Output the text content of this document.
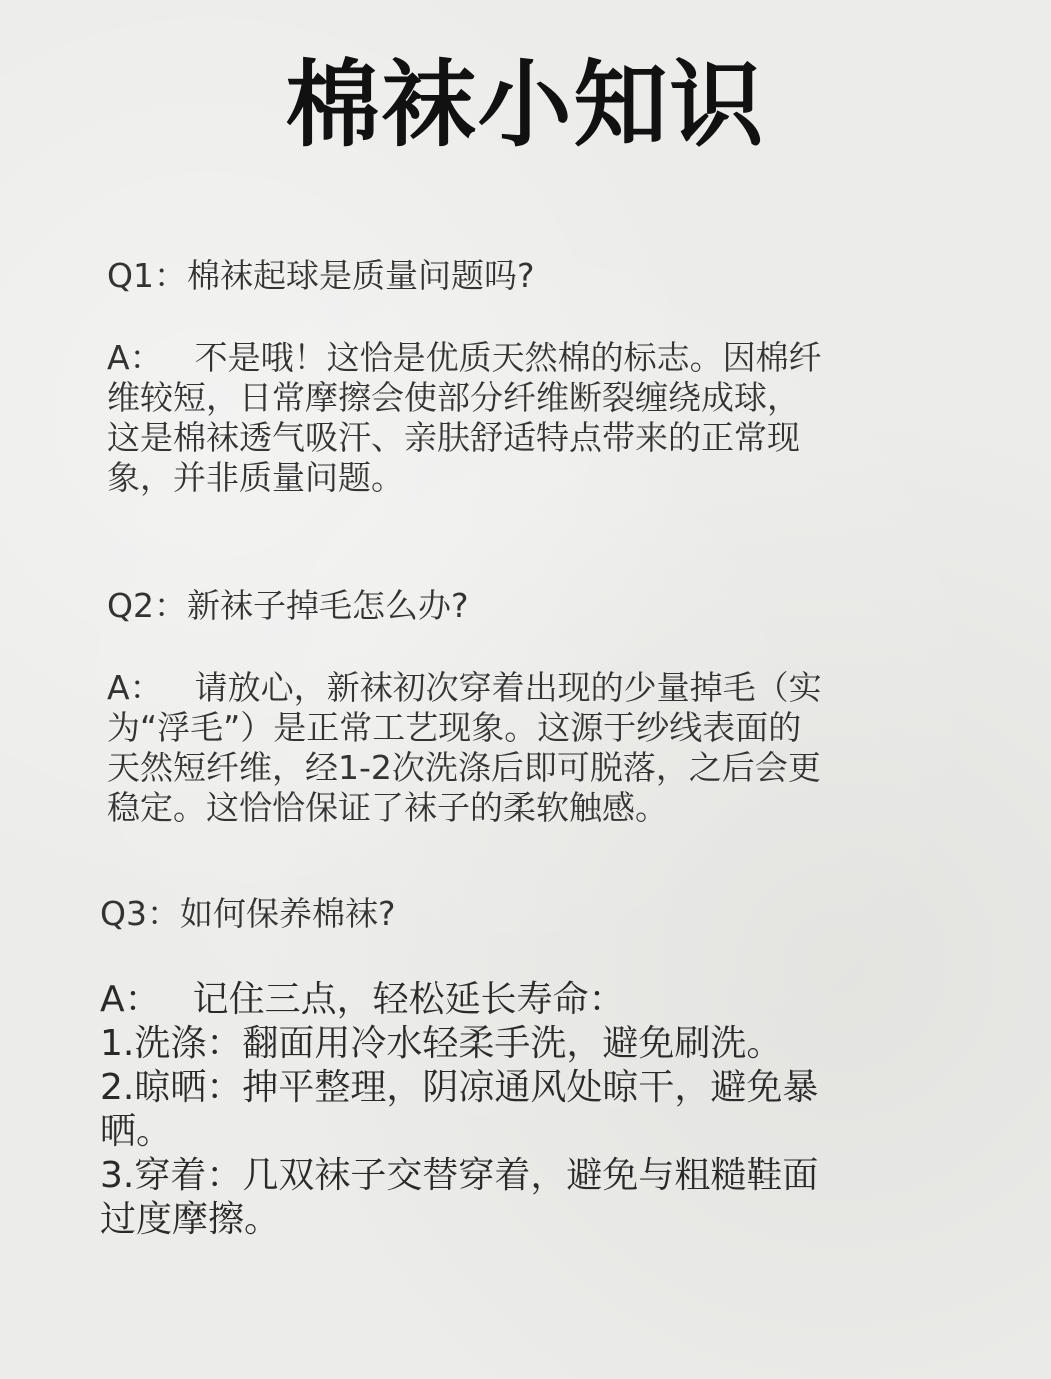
棉袜小知识
Q1：棉袜起球是质量问题吗?
A： 不是哦！这恰是优质天然棉的标志。因棉纤
维较短，日常摩擦会使部分纤维断裂缠绕成球，
这是棉袜透气吸汗、亲肤舒适特点带来的正常现
象，并非质量问题。
Q2：新袜子掉毛怎么办?
A： 请放心，新袜初次穿着出现的少量掉毛（实
为“浮毛”）是正常工艺现象。这源于纱线表面的
天然短纤维，经1-2次洗涤后即可脱落，之后会更
稳定。这恰恰保证了袜子的柔软触感。
Q3：如何保养棉袜?
A： 记住三点，轻松延长寿命：
1.洗涤：翻面用冷水轻柔手洗，避免刷洗。
2.晾晒：抻平整理，阴凉通风处晾干，避免暴
晒。
3.穿着：几双袜子交替穿着，避免与粗糙鞋面
过度摩擦。
